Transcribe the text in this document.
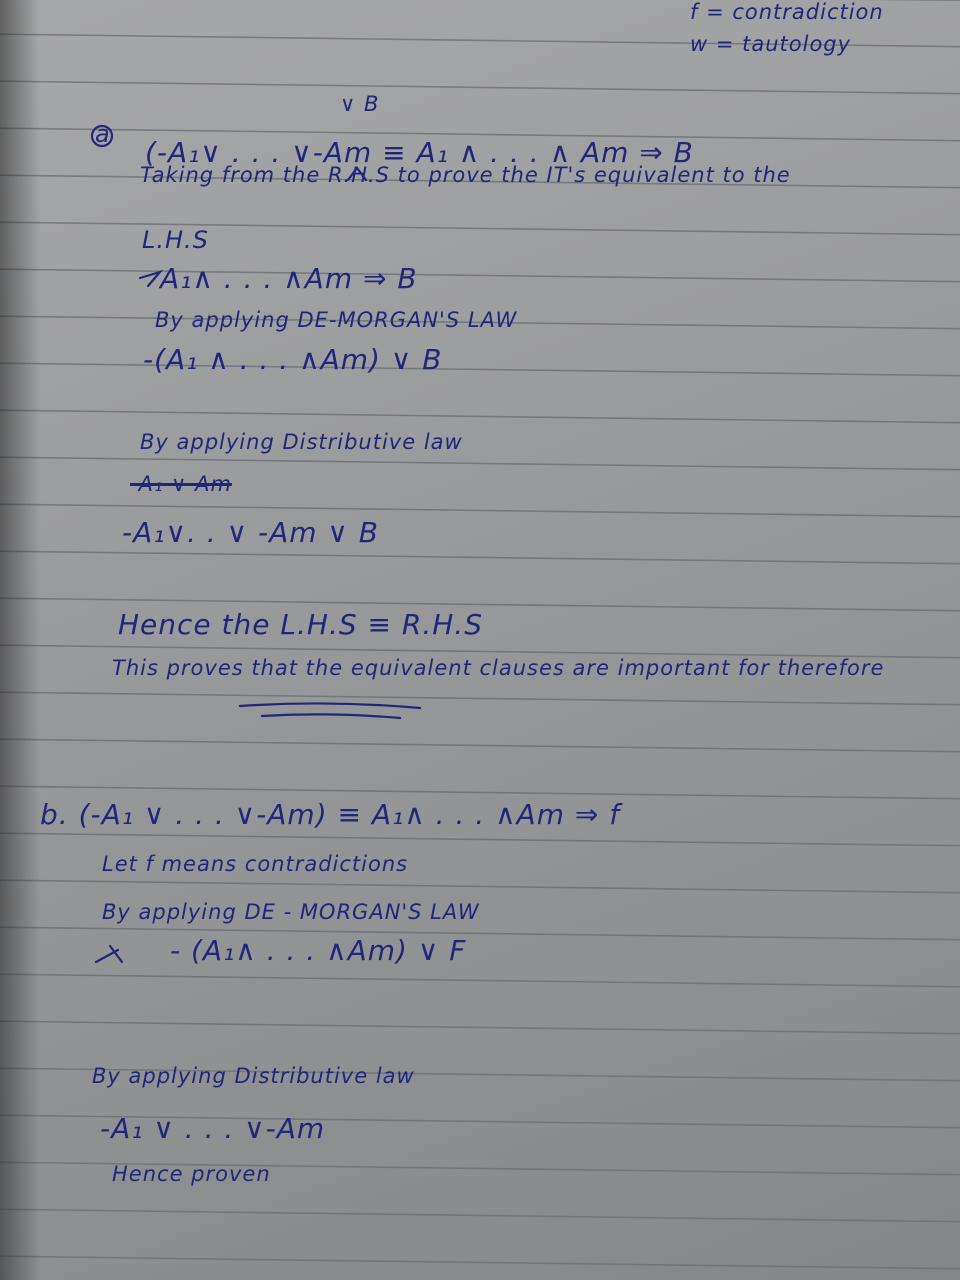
f = contradiction
w = tautology
a
∨ B
(-A₁∨ . . . ∨-Am ≡ A₁ ∧ . . . ∧ Am ⇒ B
Taking from the R.H.S to prove the IT's equivalent to the
L.H.S
A₁∧ . . . ∧Am ⇒ B
By applying DE-MORGAN'S LAW
-(A₁ ∧ . . . ∧Am) ∨ B
By applying Distributive law
-A₁ ∨ Am
-A₁∨. . ∨ -Am ∨ B
Hence the L.H.S ≡ R.H.S
This proves that the equivalent clauses are important for therefore
b. (-A₁ ∨ . . . ∨-Am) ≡ A₁∧ . . . ∧Am ⇒ f
Let f means contradictions
By applying DE - MORGAN'S LAW
- (A₁∧ . . . ∧Am) ∨ F
By applying Distributive law
-A₁ ∨ . . . ∨-Am
Hence proven
